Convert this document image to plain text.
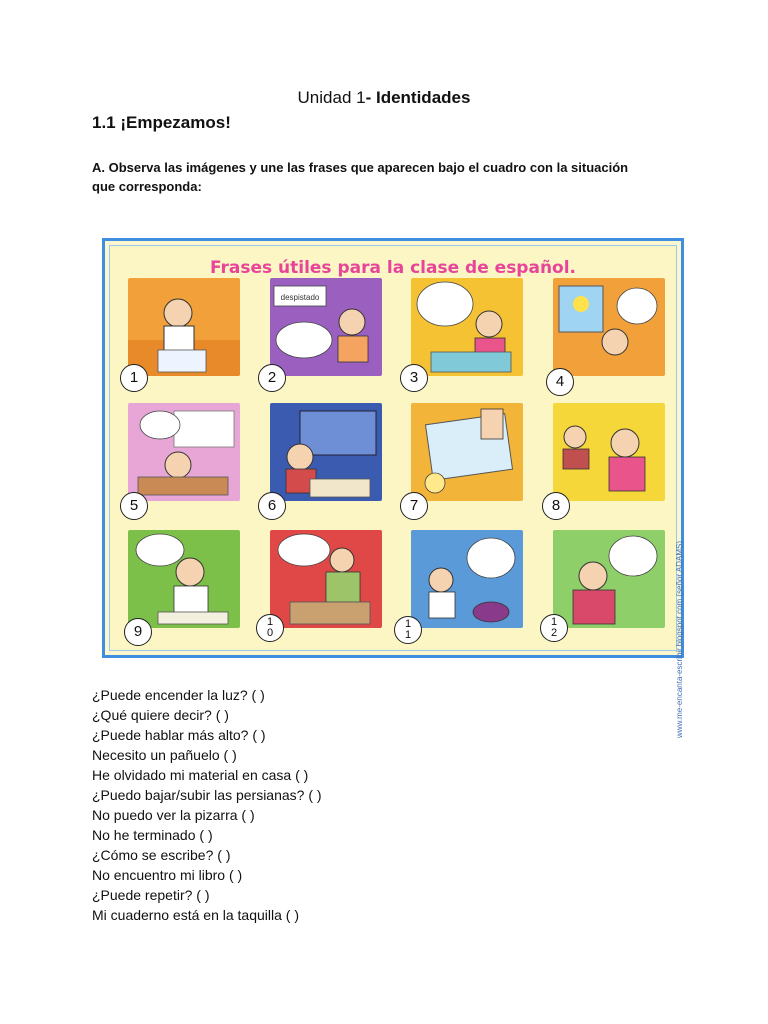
Unidad 1- Identidades
1.1 ¡Empezamos!
A. Observa las imágenes y une las frases que aparecen bajo el cuadro con la situación que corresponda:
Frases útiles para la clase de español.
www.me-encanta-escribir.blogspot.com (señor ADAMS)
despistado
1	2	3	4
5	6	7	8
9
1
0
1
1
1
2
¿Puede encender la luz? ( )
¿Qué quiere decir? ( )
¿Puede hablar más alto? ( )
Necesito un pañuelo ( )
He olvidado mi material en casa ( )
¿Puedo bajar/subir las persianas? ( )
No puedo ver la pizarra ( )
No he terminado ( )
¿Cómo se escribe? ( )
No encuentro mi libro ( )
¿Puede repetir? ( )
Mi cuaderno está en la taquilla ( )
